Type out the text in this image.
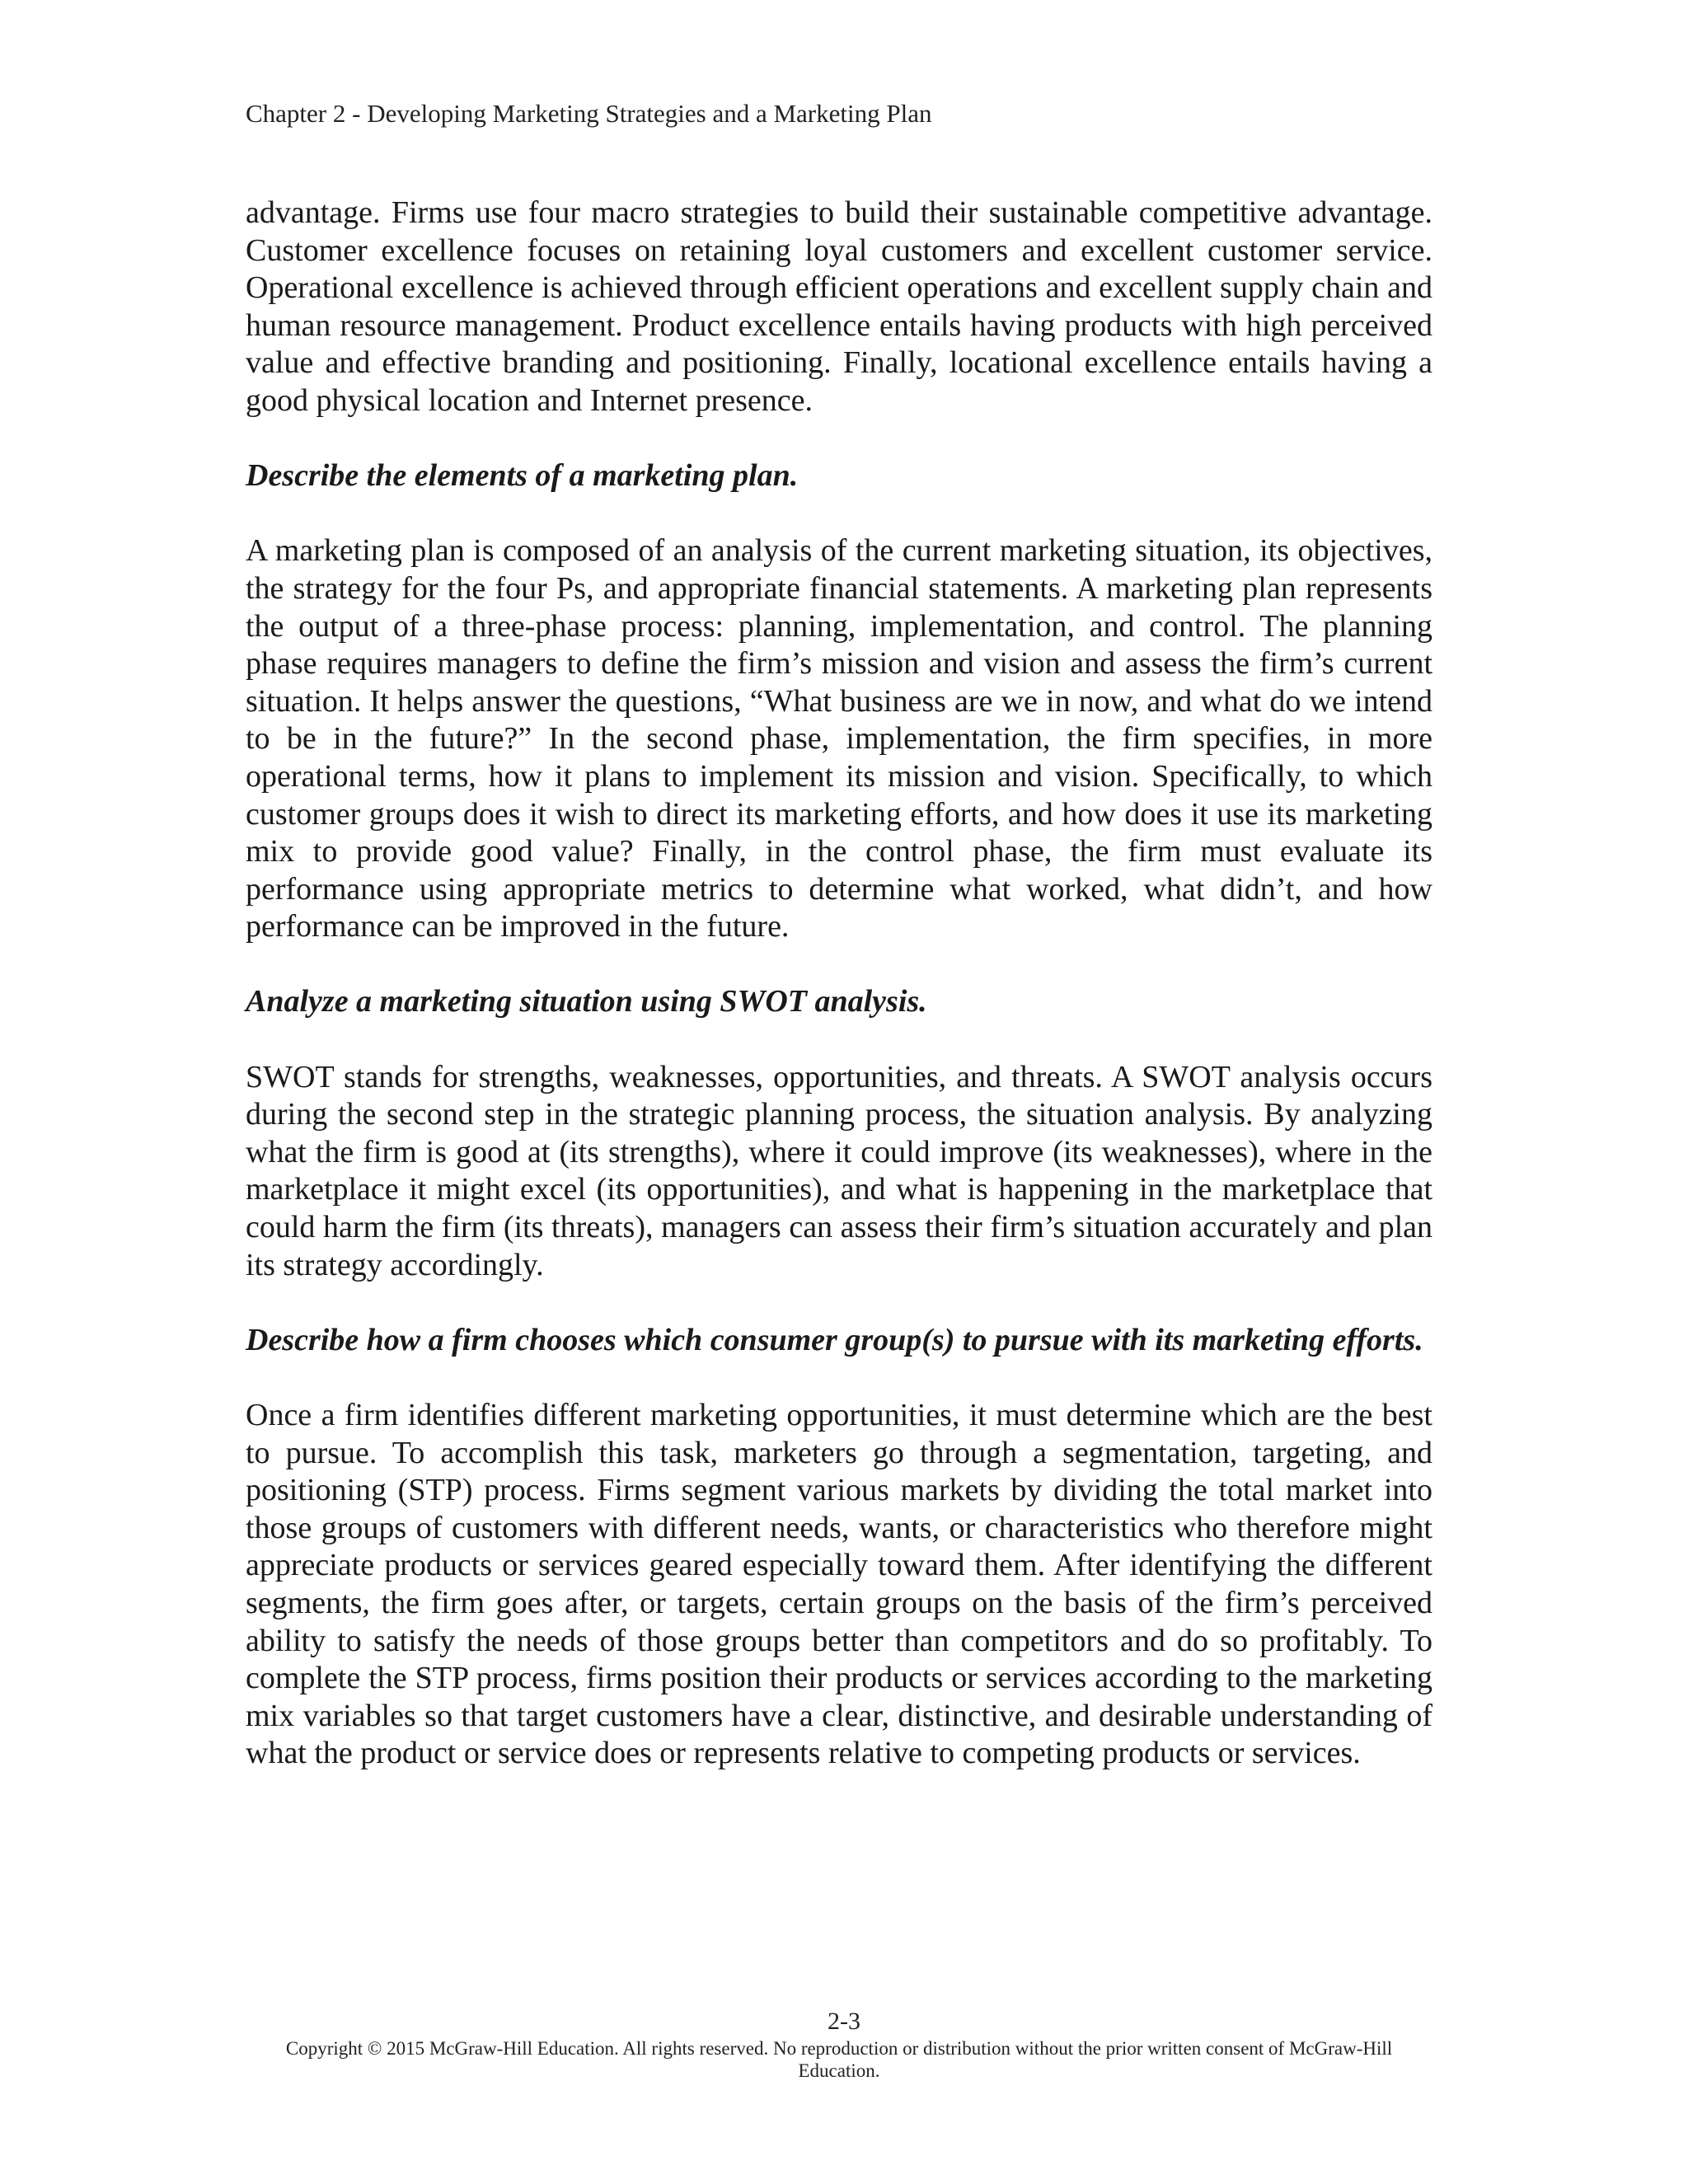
Chapter 2 - Developing Marketing Strategies and a Marketing Plan

advantage. Firms use four macro strategies to build their sustainable competitive advantage. Customer excellence focuses on retaining loyal customers and excellent customer service. Operational excellence is achieved through efficient operations and excellent supply chain and human resource management. Product excellence entails having products with high perceived value and effective branding and positioning. Finally, locational excellence entails having a good physical location and Internet presence.

Describe the elements of a marketing plan.

A marketing plan is composed of an analysis of the current marketing situation, its objectives, the strategy for the four Ps, and appropriate financial statements. A marketing plan represents the output of a three-phase process: planning, implementation, and control. The planning phase requires managers to define the firm’s mission and vision and assess the firm’s current situation. It helps answer the questions, “What business are we in now, and what do we intend to be in the future?” In the second phase, implementation, the firm specifies, in more operational terms, how it plans to implement its mission and vision. Specifically, to which customer groups does it wish to direct its marketing efforts, and how does it use its marketing mix to provide good value? Finally, in the control phase, the firm must evaluate its performance using appropriate metrics to determine what worked, what didn’t, and how performance can be improved in the future.

Analyze a marketing situation using SWOT analysis.

SWOT stands for strengths, weaknesses, opportunities, and threats. A SWOT analysis occurs during the second step in the strategic planning process, the situation analysis. By analyzing what the firm is good at (its strengths), where it could improve (its weaknesses), where in the marketplace it might excel (its opportunities), and what is happening in the marketplace that could harm the firm (its threats), managers can assess their firm’s situation accurately and plan its strategy accordingly.

Describe how a firm chooses which consumer group(s) to pursue with its marketing efforts.

Once a firm identifies different marketing opportunities, it must determine which are the best to pursue. To accomplish this task, marketers go through a segmentation, targeting, and positioning (STP) process. Firms segment various markets by dividing the total market into those groups of customers with different needs, wants, or characteristics who therefore might appreciate products or services geared especially toward them. After identifying the different segments, the firm goes after, or targets, certain groups on the basis of the firm’s perceived ability to satisfy the needs of those groups better than competitors and do so profitably. To complete the STP process, firms position their products or services according to the marketing mix variables so that target customers have a clear, distinctive, and desirable understanding of what the product or service does or represents relative to competing products or services.

2-3
Copyright © 2015 McGraw-Hill Education. All rights reserved. No reproduction or distribution without the prior written consent of McGraw-Hill Education.
